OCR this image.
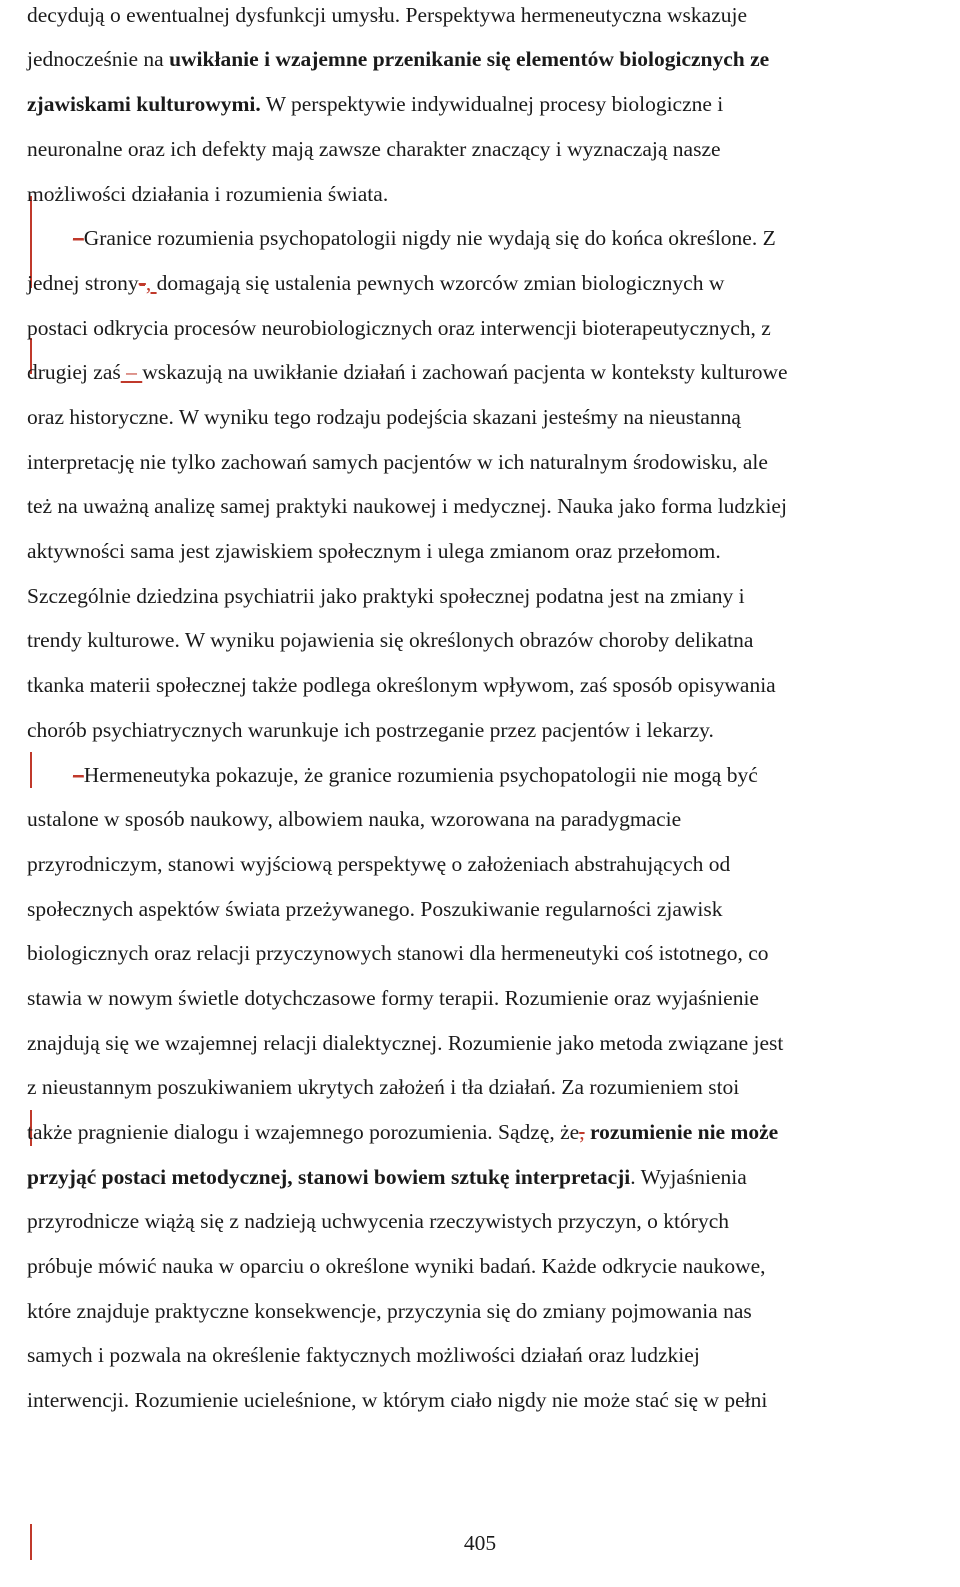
decydują o ewentualnej dysfunkcji umysłu. Perspektywa hermeneutyczna wskazuje
jednocześnie na uwikłanie i wzajemne przenikanie się elementów biologicznych ze
zjawiskami kulturowymi. W perspektywie indywidualnej procesy biologiczne i
neuronalne oraz ich defekty mają zawsze charakter znaczący i wyznaczają nasze
możliwości działania i rozumienia świata.
–Granice rozumienia psychopatologii nigdy nie wydają się do końca określone. Z
jednej strony-, domagają się ustalenia pewnych wzorców zmian biologicznych w
postaci odkrycia procesów neurobiologicznych oraz interwencji bioterapeutycznych, z
drugiej zaś – wskazują na uwikłanie działań i zachowań pacjenta w konteksty kulturowe
oraz historyczne. W wyniku tego rodzaju podejścia skazani jesteśmy na nieustanną
interpretację nie tylko zachowań samych pacjentów w ich naturalnym środowisku, ale
też na uważną analizę samej praktyki naukowej i medycznej. Nauka jako forma ludzkiej
aktywności sama jest zjawiskiem społecznym i ulega zmianom oraz przełomom.
Szczególnie dziedzina psychiatrii jako praktyki społecznej podatna jest na zmiany i
trendy kulturowe. W wyniku pojawienia się określonych obrazów choroby delikatna
tkanka materii społecznej także podlega określonym wpływom, zaś sposób opisywania
chorób psychiatrycznych warunkuje ich postrzeganie przez pacjentów i lekarzy.
–Hermeneutyka pokazuje, że granice rozumienia psychopatologii nie mogą być
ustalone w sposób naukowy, albowiem nauka, wzorowana na paradygmacie
przyrodniczym, stanowi wyjściową perspektywę o założeniach abstrahujących od
społecznych aspektów świata przeżywanego. Poszukiwanie regularności zjawisk
biologicznych oraz relacji przyczynowych stanowi dla hermeneutyki coś istotnego, co
stawia w nowym świetle dotychczasowe formy terapii. Rozumienie oraz wyjaśnienie
znajdują się we wzajemnej relacji dialektycznej. Rozumienie jako metoda związane jest
z nieustannym poszukiwaniem ukrytych założeń i tła działań. Za rozumieniem stoi
także pragnienie dialogu i wzajemnego porozumienia. Sądzę, że, rozumienie nie może
przyjąć postaci metodycznej, stanowi bowiem sztukę interpretacji. Wyjaśnienia
przyrodnicze wiążą się z nadzieją uchwycenia rzeczywistych przyczyn, o których
próbuje mówić nauka w oparciu o określone wyniki badań. Każde odkrycie naukowe,
które znajduje praktyczne konsekwencje, przyczynia się do zmiany pojmowania nas
samych i pozwala na określenie faktycznych możliwości działań oraz ludzkiej
interwencji. Rozumienie ucieleśnione, w którym ciało nigdy nie może stać się w pełni
405
